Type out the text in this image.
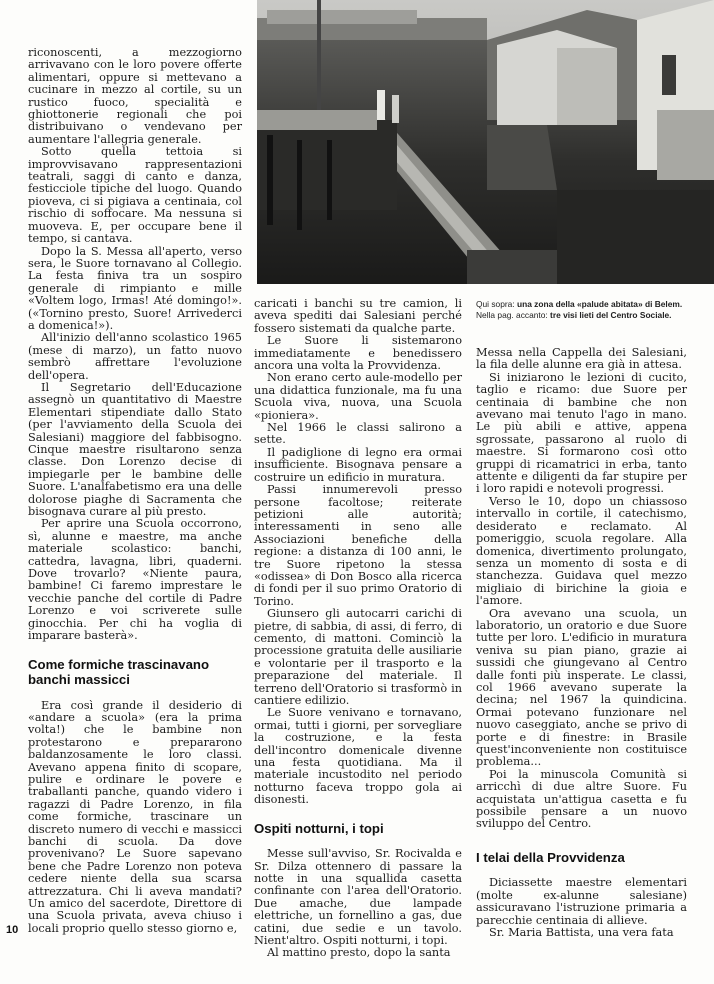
Qui sopra: una zona della «palude abitata» di Belem. Nella pag. accanto: tre visi lieti del Centro Sociale.

riconoscenti, a mezzogiorno arrivavano con le loro povere offerte alimentari, oppure si mettevano a cucinare in mezzo al cortile, su un rustico fuoco, specialità e ghiottonerie regionali che poi distribuivano o vendevano per aumentare l'allegria generale.

Sotto quella tettoia si improvvisavano rappresentazioni teatrali, saggi di canto e danza, festicciole tipiche del luogo. Quando pioveva, ci si pigiava a centinaia, col rischio di soffocare. Ma nessuna si muoveva. E, per occupare bene il tempo, si cantava.

Dopo la S. Messa all'aperto, verso sera, le Suore tornavano al Collegio. La festa finiva tra un sospiro generale di rimpianto e mille «Voltem logo, Irmas! Até domingo!». («Tornino presto, Suore! Arrivederci a domenica!»).

All'inizio dell'anno scolastico 1965 (mese di marzo), un fatto nuovo sembrò affrettare l'evoluzione dell'opera.

Il Segretario dell'Educazione assegnò un quantitativo di Maestre Elementari stipendiate dallo Stato (per l'avviamento della Scuola dei Salesiani) maggiore del fabbisogno. Cinque maestre risultarono senza classe. Don Lorenzo decise di impiegarle per le bambine delle Suore. L'analfabetismo era una delle dolorose piaghe di Sacramenta che bisognava curare al più presto.

Per aprire una Scuola occorrono, sì, alunne e maestre, ma anche materiale scolastico: banchi, cattedra, lavagna, libri, quaderni. Dove trovarlo? «Niente paura, bambine! Ci faremo imprestare le vecchie panche del cortile di Padre Lorenzo e voi scriverete sulle ginocchia. Per chi ha voglia di imparare basterà».

Come formiche trascinavano banchi massicci

Era così grande il desiderio di «andare a scuola» (era la prima volta!) che le bambine non protestarono e prepararono baldanzosamente le loro classi. Avevano appena finito di scopare, pulire e ordinare le povere e traballanti panche, quando videro i ragazzi di Padre Lorenzo, in fila come formiche, trascinare un discreto numero di vecchi e massicci banchi di scuola. Da dove provenivano? Le Suore sapevano bene che Padre Lorenzo non poteva cedere niente della sua scarsa attrezzatura. Chi li aveva mandati? Un amico del sacerdote, Direttore di una Scuola privata, aveva chiuso i locali proprio quello stesso giorno e,

caricati i banchi su tre camion, li aveva spediti dai Salesiani perché fossero sistemati da qualche parte.

Le Suore li sistemarono immediatamente e benedissero ancora una volta la Provvidenza.

Non erano certo aule-modello per una didattica funzionale, ma fu una Scuola viva, nuova, una Scuola «pioniera».

Nel 1966 le classi salirono a sette.

Il padiglione di legno era ormai insufficiente. Bisognava pensare a costruire un edificio in muratura.

Passi innumerevoli presso persone facoltose; reiterate petizioni alle autorità; interessamenti in seno alle Associazioni benefiche della regione: a distanza di 100 anni, le tre Suore ripetono la stessa «odissea» di Don Bosco alla ricerca di fondi per il suo primo Oratorio di Torino.

Giunsero gli autocarri carichi di pietre, di sabbia, di assi, di ferro, di cemento, di mattoni. Cominciò la processione gratuita delle ausiliarie e volontarie per il trasporto e la preparazione del materiale. Il terreno dell'Oratorio si trasformò in cantiere edilizio.

Le Suore venivano e tornavano, ormai, tutti i giorni, per sorvegliare la costruzione, e la festa dell'incontro domenicale divenne una festa quotidiana. Ma il materiale incustodito nel periodo notturno faceva troppo gola ai disonesti.

Ospiti notturni, i topi

Messe sull'avviso, Sr. Rocivalda e Sr. Dilza ottennero di passare la notte in una squallida casetta confinante con l'area dell'Oratorio. Due amache, due lampade elettriche, un fornellino a gas, due catini, due sedie e un tavolo. Nient'altro. Ospiti notturni, i topi.

Al mattino presto, dopo la santa

Messa nella Cappella dei Salesiani, la fila delle alunne era già in attesa.

Si iniziarono le lezioni di cucito, taglio e ricamo: due Suore per centinaia di bambine che non avevano mai tenuto l'ago in mano. Le più abili e attive, appena sgrossate, passarono al ruolo di maestre. Si formarono così otto gruppi di ricamatrici in erba, tanto attente e diligenti da far stupire per i loro rapidi e notevoli progressi.

Verso le 10, dopo un chiassoso intervallo in cortile, il catechismo, desiderato e reclamato. Al pomeriggio, scuola regolare. Alla domenica, divertimento prolungato, senza un momento di sosta e di stanchezza. Guidava quel mezzo migliaio di birichine la gioia e l'amore.

Ora avevano una scuola, un laboratorio, un oratorio e due Suore tutte per loro. L'edificio in muratura veniva su pian piano, grazie ai sussidi che giungevano al Centro dalle fonti più insperate. Le classi, col 1966 avevano superate la decina; nel 1967 la quindicina. Ormai potevano funzionare nel nuovo caseggiato, anche se privo di porte e di finestre: in Brasile quest'inconveniente non costituisce problema...

Poi la minuscola Comunità si arricchì di due altre Suore. Fu acquistata un'attigua casetta e fu possibile pensare a un nuovo sviluppo del Centro.

I telai della Provvidenza

Diciassette maestre elementari (molte ex-alunne salesiane) assicuravano l'istruzione primaria a parecchie centinaia di allieve.

Sr. Maria Battista, una vera fata

10
